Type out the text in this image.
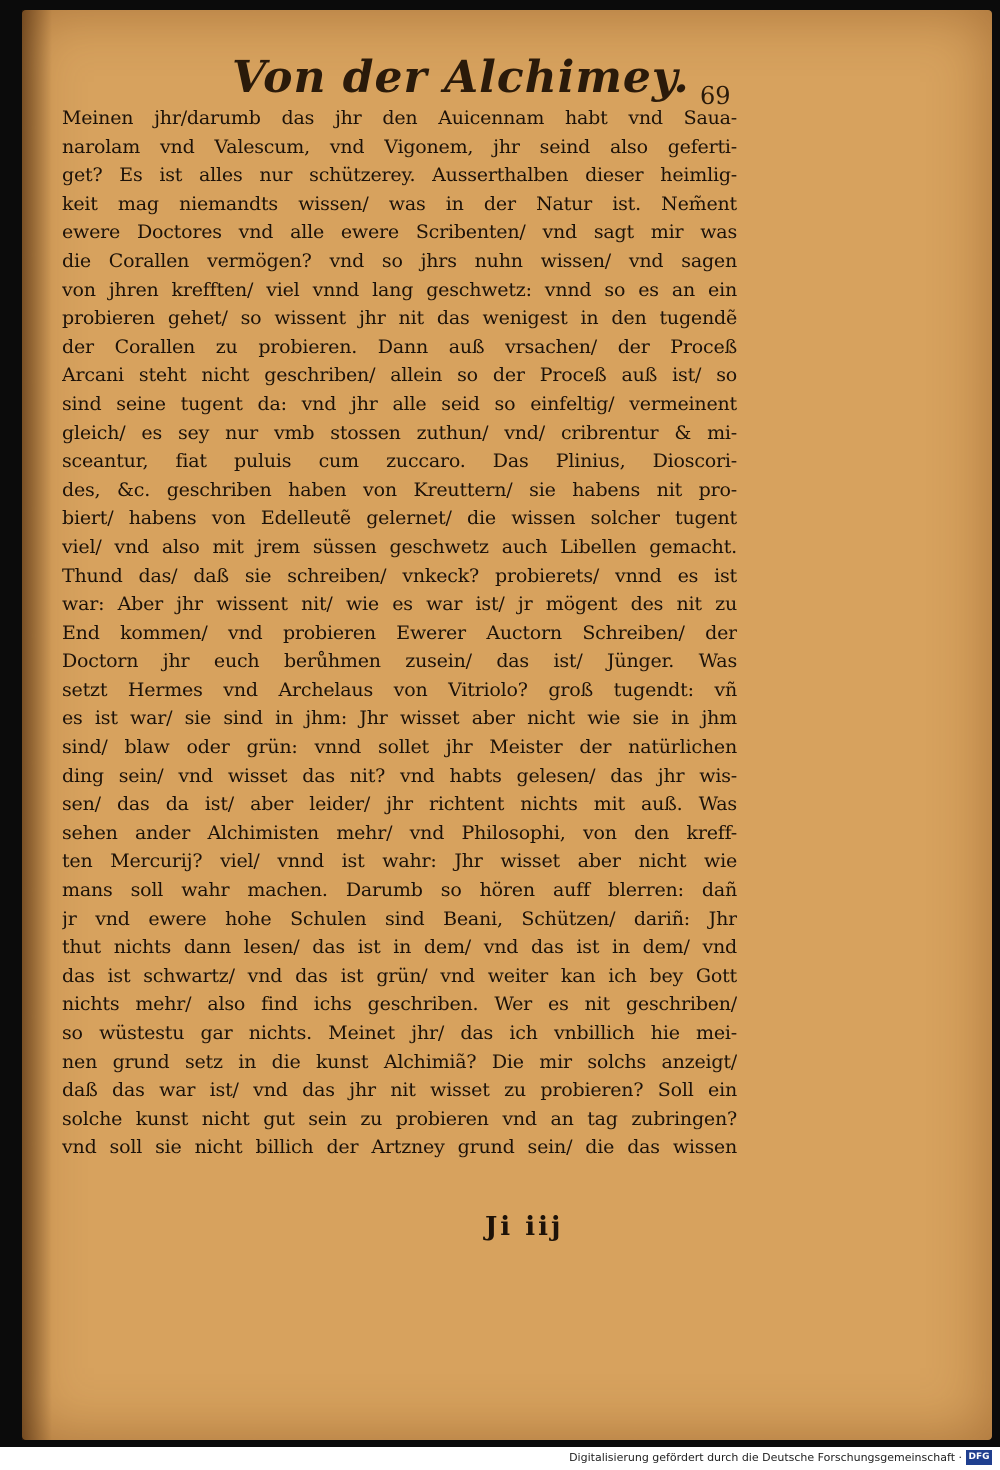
Von der Alchimey. 69
Meinen jhr/darumb das jhr den Auicennam habt vnd Saua-
narolam vnd Valescum, vnd Vigonem, jhr seind also geferti-
get? Es ist alles nur schützerey. Ausserthalben dieser heimlig-
keit mag niemandts wissen/ was in der Natur ist. Nem̃ent
ewere Doctores vnd alle ewere Scribenten/ vnd sagt mir was
die Corallen vermögen? vnd so jhrs nuhn wissen/ vnd sagen
von jhren krefften/ viel vnnd lang geschwetz: vnnd so es an ein
probieren gehet/ so wissent jhr nit das wenigest in den tugendẽ
der Corallen zu probieren. Dann auß vrsachen/ der Proceß
Arcani steht nicht geschriben/ allein so der Proceß auß ist/ so
sind seine tugent da: vnd jhr alle seid so einfeltig/ vermeinent
gleich/ es sey nur vmb stossen zuthun/ vnd/ cribrentur & mi-
sceantur, fiat puluis cum zuccaro. Das Plinius, Dioscori-
des, &c. geschriben haben von Kreuttern/ sie habens nit pro-
biert/ habens von Edelleutẽ gelernet/ die wissen solcher tugent
viel/ vnd also mit jrem süssen geschwetz auch Libellen gemacht.
Thund das/ daß sie schreiben/ vnkeck? probierets/ vnnd es ist
war: Aber jhr wissent nit/ wie es war ist/ jr mögent des nit zu
End kommen/ vnd probieren Ewerer Auctorn Schreiben/ der
Doctorn jhr euch berůhmen zusein/ das ist/ Jünger. Was
setzt Hermes vnd Archelaus von Vitriolo? groß tugendt: vñ
es ist war/ sie sind in jhm: Jhr wisset aber nicht wie sie in jhm
sind/ blaw oder grün: vnnd sollet jhr Meister der natürlichen
ding sein/ vnd wisset das nit? vnd habts gelesen/ das jhr wis-
sen/ das da ist/ aber leider/ jhr richtent nichts mit auß. Was
sehen ander Alchimisten mehr/ vnd Philosophi, von den kreff-
ten Mercurij? viel/ vnnd ist wahr: Jhr wisset aber nicht wie
mans soll wahr machen. Darumb so hören auff blerren: dañ
jr vnd ewere hohe Schulen sind Beani, Schützen/ dariñ: Jhr
thut nichts dann lesen/ das ist in dem/ vnd das ist in dem/ vnd
das ist schwartz/ vnd das ist grün/ vnd weiter kan ich bey Gott
nichts mehr/ also find ichs geschriben. Wer es nit geschriben/
so wüstestu gar nichts. Meinet jhr/ das ich vnbillich hie mei-
nen grund setz in die kunst Alchimiã? Die mir solchs anzeigt/
daß das war ist/ vnd das jhr nit wisset zu probieren? Soll ein
solche kunst nicht gut sein zu probieren vnd an tag zubringen?
vnd soll sie nicht billich der Artzney grund sein/ die das wissen
Ji iij
Digitalisierung gefördert durch die Deutsche Forschungsgemeinschaft · DFG
